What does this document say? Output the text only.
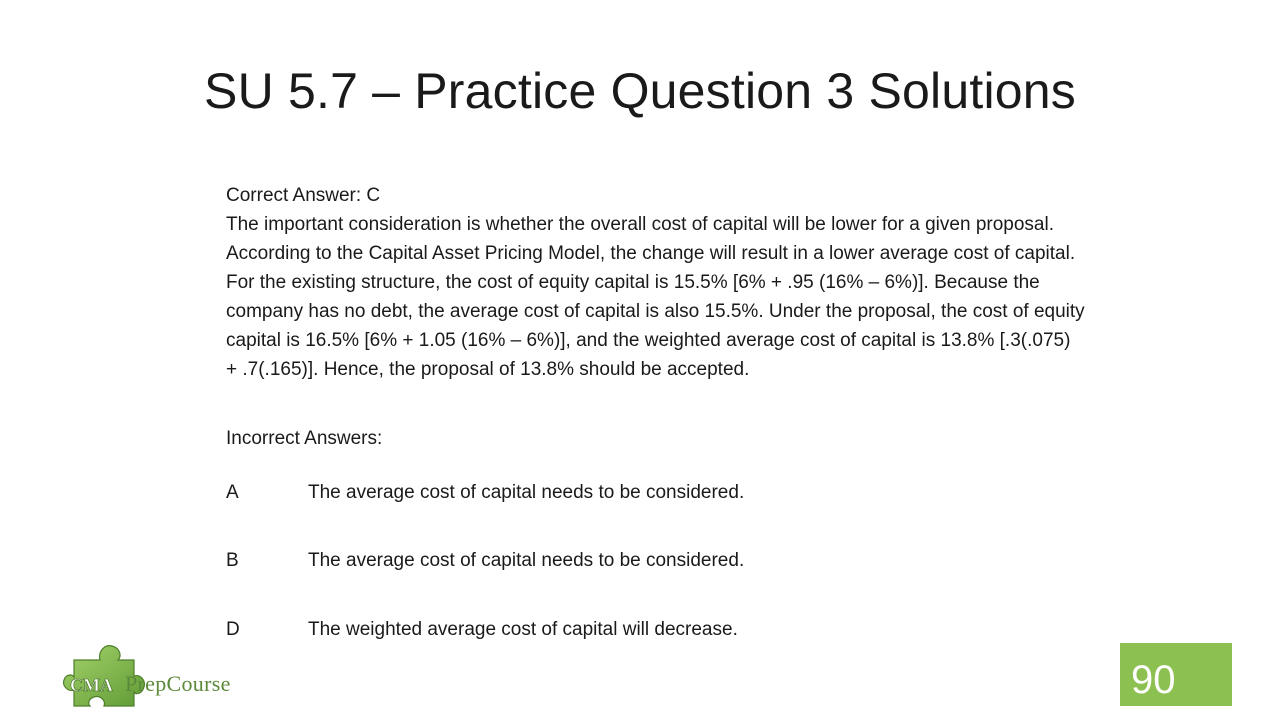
SU 5.7 – Practice Question 3 Solutions

Correct Answer: C

The important consideration is whether the overall cost of capital will be lower for a given proposal. According to the Capital Asset Pricing Model, the change will result in a lower average cost of capital. For the existing structure, the cost of equity capital is 15.5% [6% + .95 (16% – 6%)]. Because the company has no debt, the average cost of capital is also 15.5%. Under the proposal, the cost of equity capital is 16.5% [6% + 1.05 (16% – 6%)], and the weighted average cost of capital is 13.8% [.3(.075) + .7(.165)]. Hence, the proposal of 13.8% should be accepted.

Incorrect Answers:
A	The average cost of capital needs to be considered.
B	The average cost of capital needs to be considered.
D	The weighted average cost of capital will decrease.
CMA PrepCourse	90
